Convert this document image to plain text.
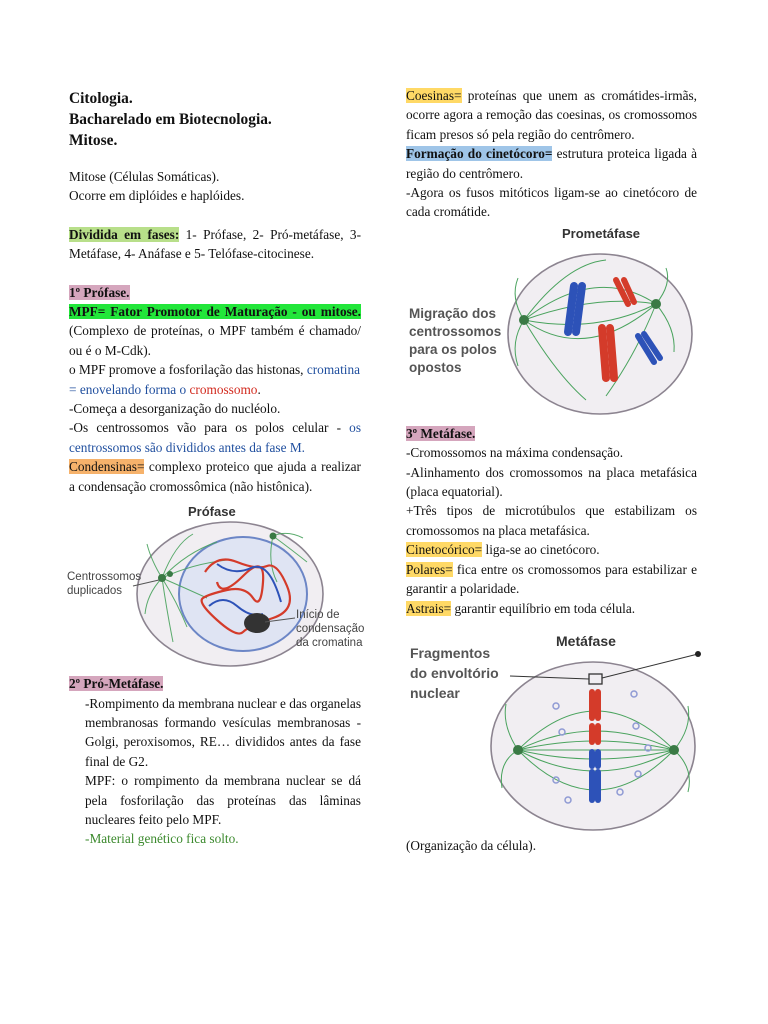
Citologia.
Bacharelado em Biotecnologia.
Mitose.
Mitose (Células Somáticas).
Ocorre em diplóides e haplóides.
Dividida em fases: 1- Prófase, 2- Pró-metáfase, 3- Metáfase, 4- Anáfase e 5- Telófase-citocinese.
1º Prófase.
MPF= Fator Promotor de Maturação - ou mitose. (Complexo de proteínas, o MPF também é chamado/ ou é o M-Cdk).
o MPF promove a fosforilação das histonas, cromatina = enovelando forma o cromossomo.
-Começa a desorganização do nucléolo.
-Os centrossomos vão para os polos celular - os centrossomos são divididos antes da fase M.
Condensinas= complexo proteico que ajuda a realizar a condensação cromossômica (não histônica).
Prófase
Centrossomos
duplicados
Início de
condensação
da cromatina
2º Pró-Metáfase.
-Rompimento da membrana nuclear e das organelas membranosas formando vesículas membranosas - Golgi, peroxisomos, RE… divididos antes da fase final de G2.
MPF: o rompimento da membrana nuclear se dá pela fosforilação das proteínas das lâminas nucleares feito pelo MPF.
-Material genético fica solto.
Coesinas= proteínas que unem as cromátides-irmãs, ocorre agora a remoção das coesinas, os cromossomos ficam presos só pela região do centrômero.
Formação do cinetócoro= estrutura proteica ligada à região do centrômero.
-Agora os fusos mitóticos ligam-se ao cinetócoro de cada cromátide.
Prometáfase
Migração dos
centrossomos
para os polos
opostos
3º Metáfase.
-Cromossomos na máxima condensação.
-Alinhamento dos cromossomos na placa metafásica (placa equatorial).
+Três tipos de microtúbulos que estabilizam os cromossomos na placa metafásica.
Cinetocórico= liga-se ao cinetócoro.
Polares= fica entre os cromossomos para estabilizar e garantir a polaridade.
Astrais= garantir equilíbrio em toda célula.
Metáfase
Fragmentos
do envoltório
nuclear
(Organização da célula).
